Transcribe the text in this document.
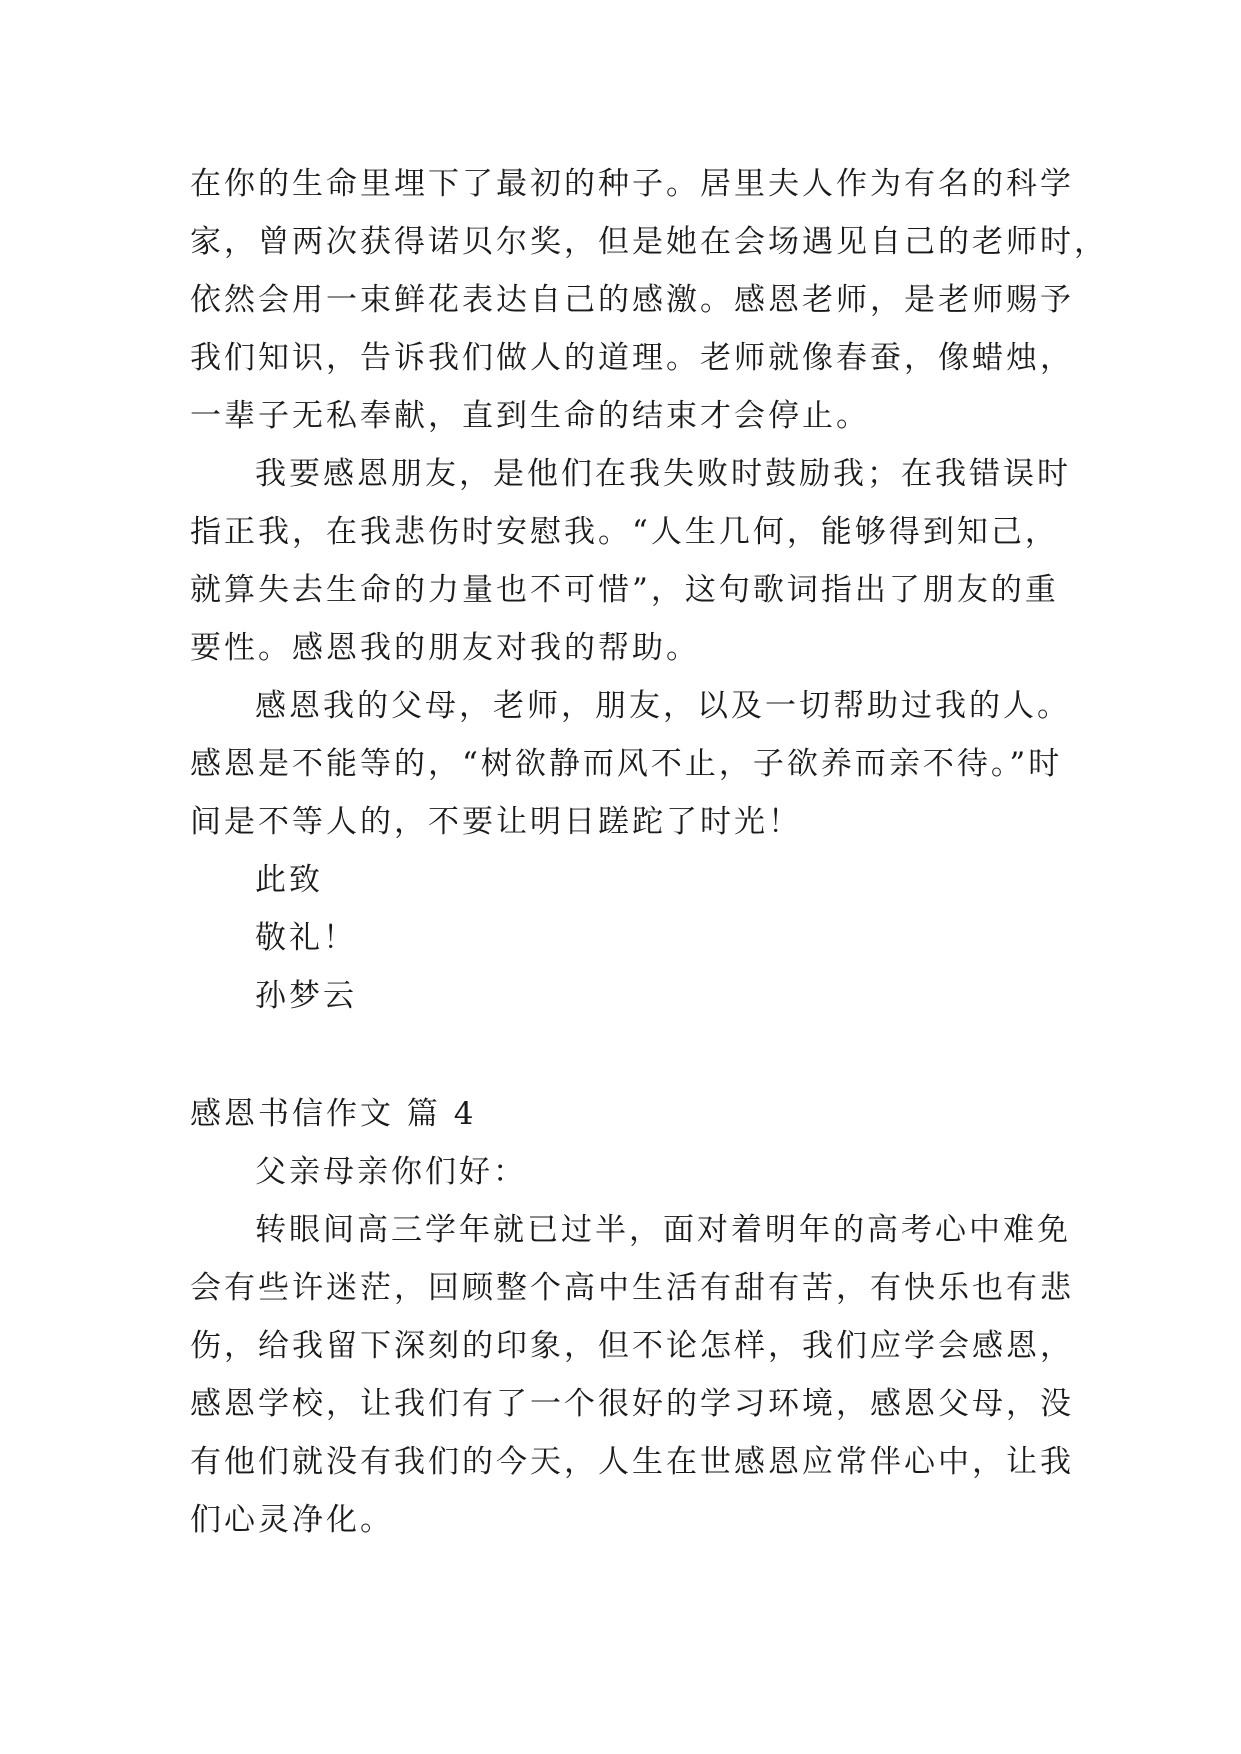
在你的生命里埋下了最初的种子。居里夫人作为有名的科学
家，曾两次获得诺贝尔奖，但是她在会场遇见自己的老师时，
依然会用一束鲜花表达自己的感激。感恩老师，是老师赐予
我们知识，告诉我们做人的道理。老师就像春蚕，像蜡烛，
一辈子无私奉献，直到生命的结束才会停止。
我要感恩朋友，是他们在我失败时鼓励我；在我错误时
指正我，在我悲伤时安慰我。“人生几何，能够得到知己，
就算失去生命的力量也不可惜”，这句歌词指出了朋友的重
要性。感恩我的朋友对我的帮助。
感恩我的父母，老师，朋友，以及一切帮助过我的人。
感恩是不能等的，“树欲静而风不止，子欲养而亲不待。”时
间是不等人的，不要让明日蹉跎了时光！
此致
敬礼！
孙梦云
感恩书信作文 篇 4
父亲母亲你们好：
转眼间高三学年就已过半，面对着明年的高考心中难免
会有些许迷茫，回顾整个高中生活有甜有苦，有快乐也有悲
伤，给我留下深刻的印象，但不论怎样，我们应学会感恩，
感恩学校，让我们有了一个很好的学习环境，感恩父母，没
有他们就没有我们的今天，人生在世感恩应常伴心中，让我
们心灵净化。
